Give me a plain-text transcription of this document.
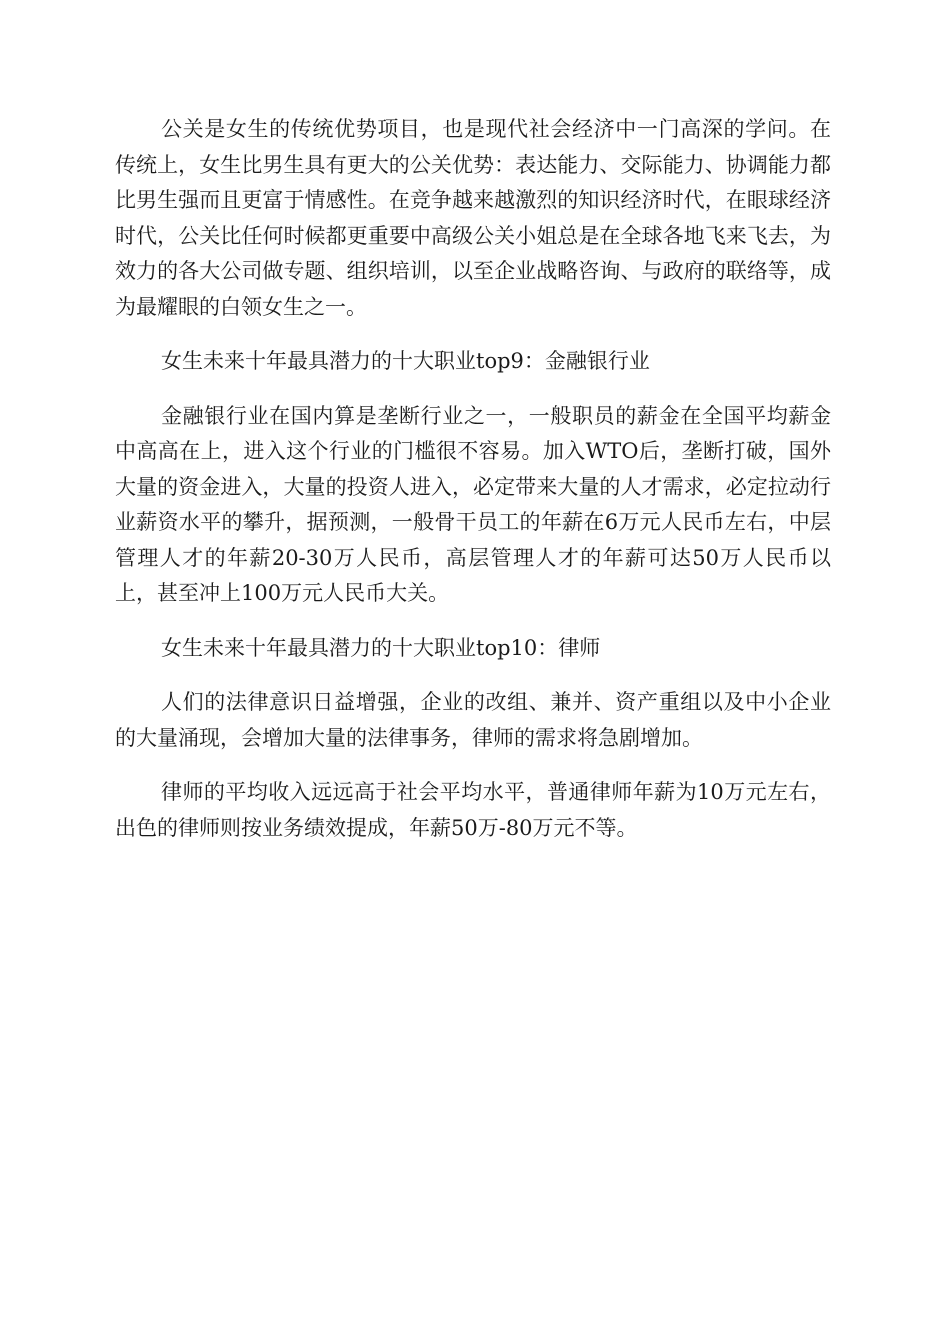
公关是女生的传统优势项目，也是现代社会经济中一门高深的学问。在传统上，女生比男生具有更大的公关优势：表达能力、交际能力、协调能力都比男生强而且更富于情感性。在竞争越来越激烈的知识经济时代，在眼球经济时代，公关比任何时候都更重要中高级公关小姐总是在全球各地飞来飞去，为效力的各大公司做专题、组织培训，以至企业战略咨询、与政府的联络等，成为最耀眼的白领女生之一。

女生未来十年最具潜力的十大职业top9：金融银行业

金融银行业在国内算是垄断行业之一，一般职员的薪金在全国平均薪金中高高在上，进入这个行业的门槛很不容易。加入WTO后，垄断打破，国外大量的资金进入，大量的投资人进入，必定带来大量的人才需求，必定拉动行业薪资水平的攀升，据预测，一般骨干员工的年薪在6万元人民币左右，中层管理人才的年薪20-30万人民币，高层管理人才的年薪可达50万人民币以上，甚至冲上100万元人民币大关。

女生未来十年最具潜力的十大职业top10：律师

人们的法律意识日益增强，企业的改组、兼并、资产重组以及中小企业的大量涌现，会增加大量的法律事务，律师的需求将急剧增加。

律师的平均收入远远高于社会平均水平，普通律师年薪为10万元左右，出色的律师则按业务绩效提成，年薪50万-80万元不等。
